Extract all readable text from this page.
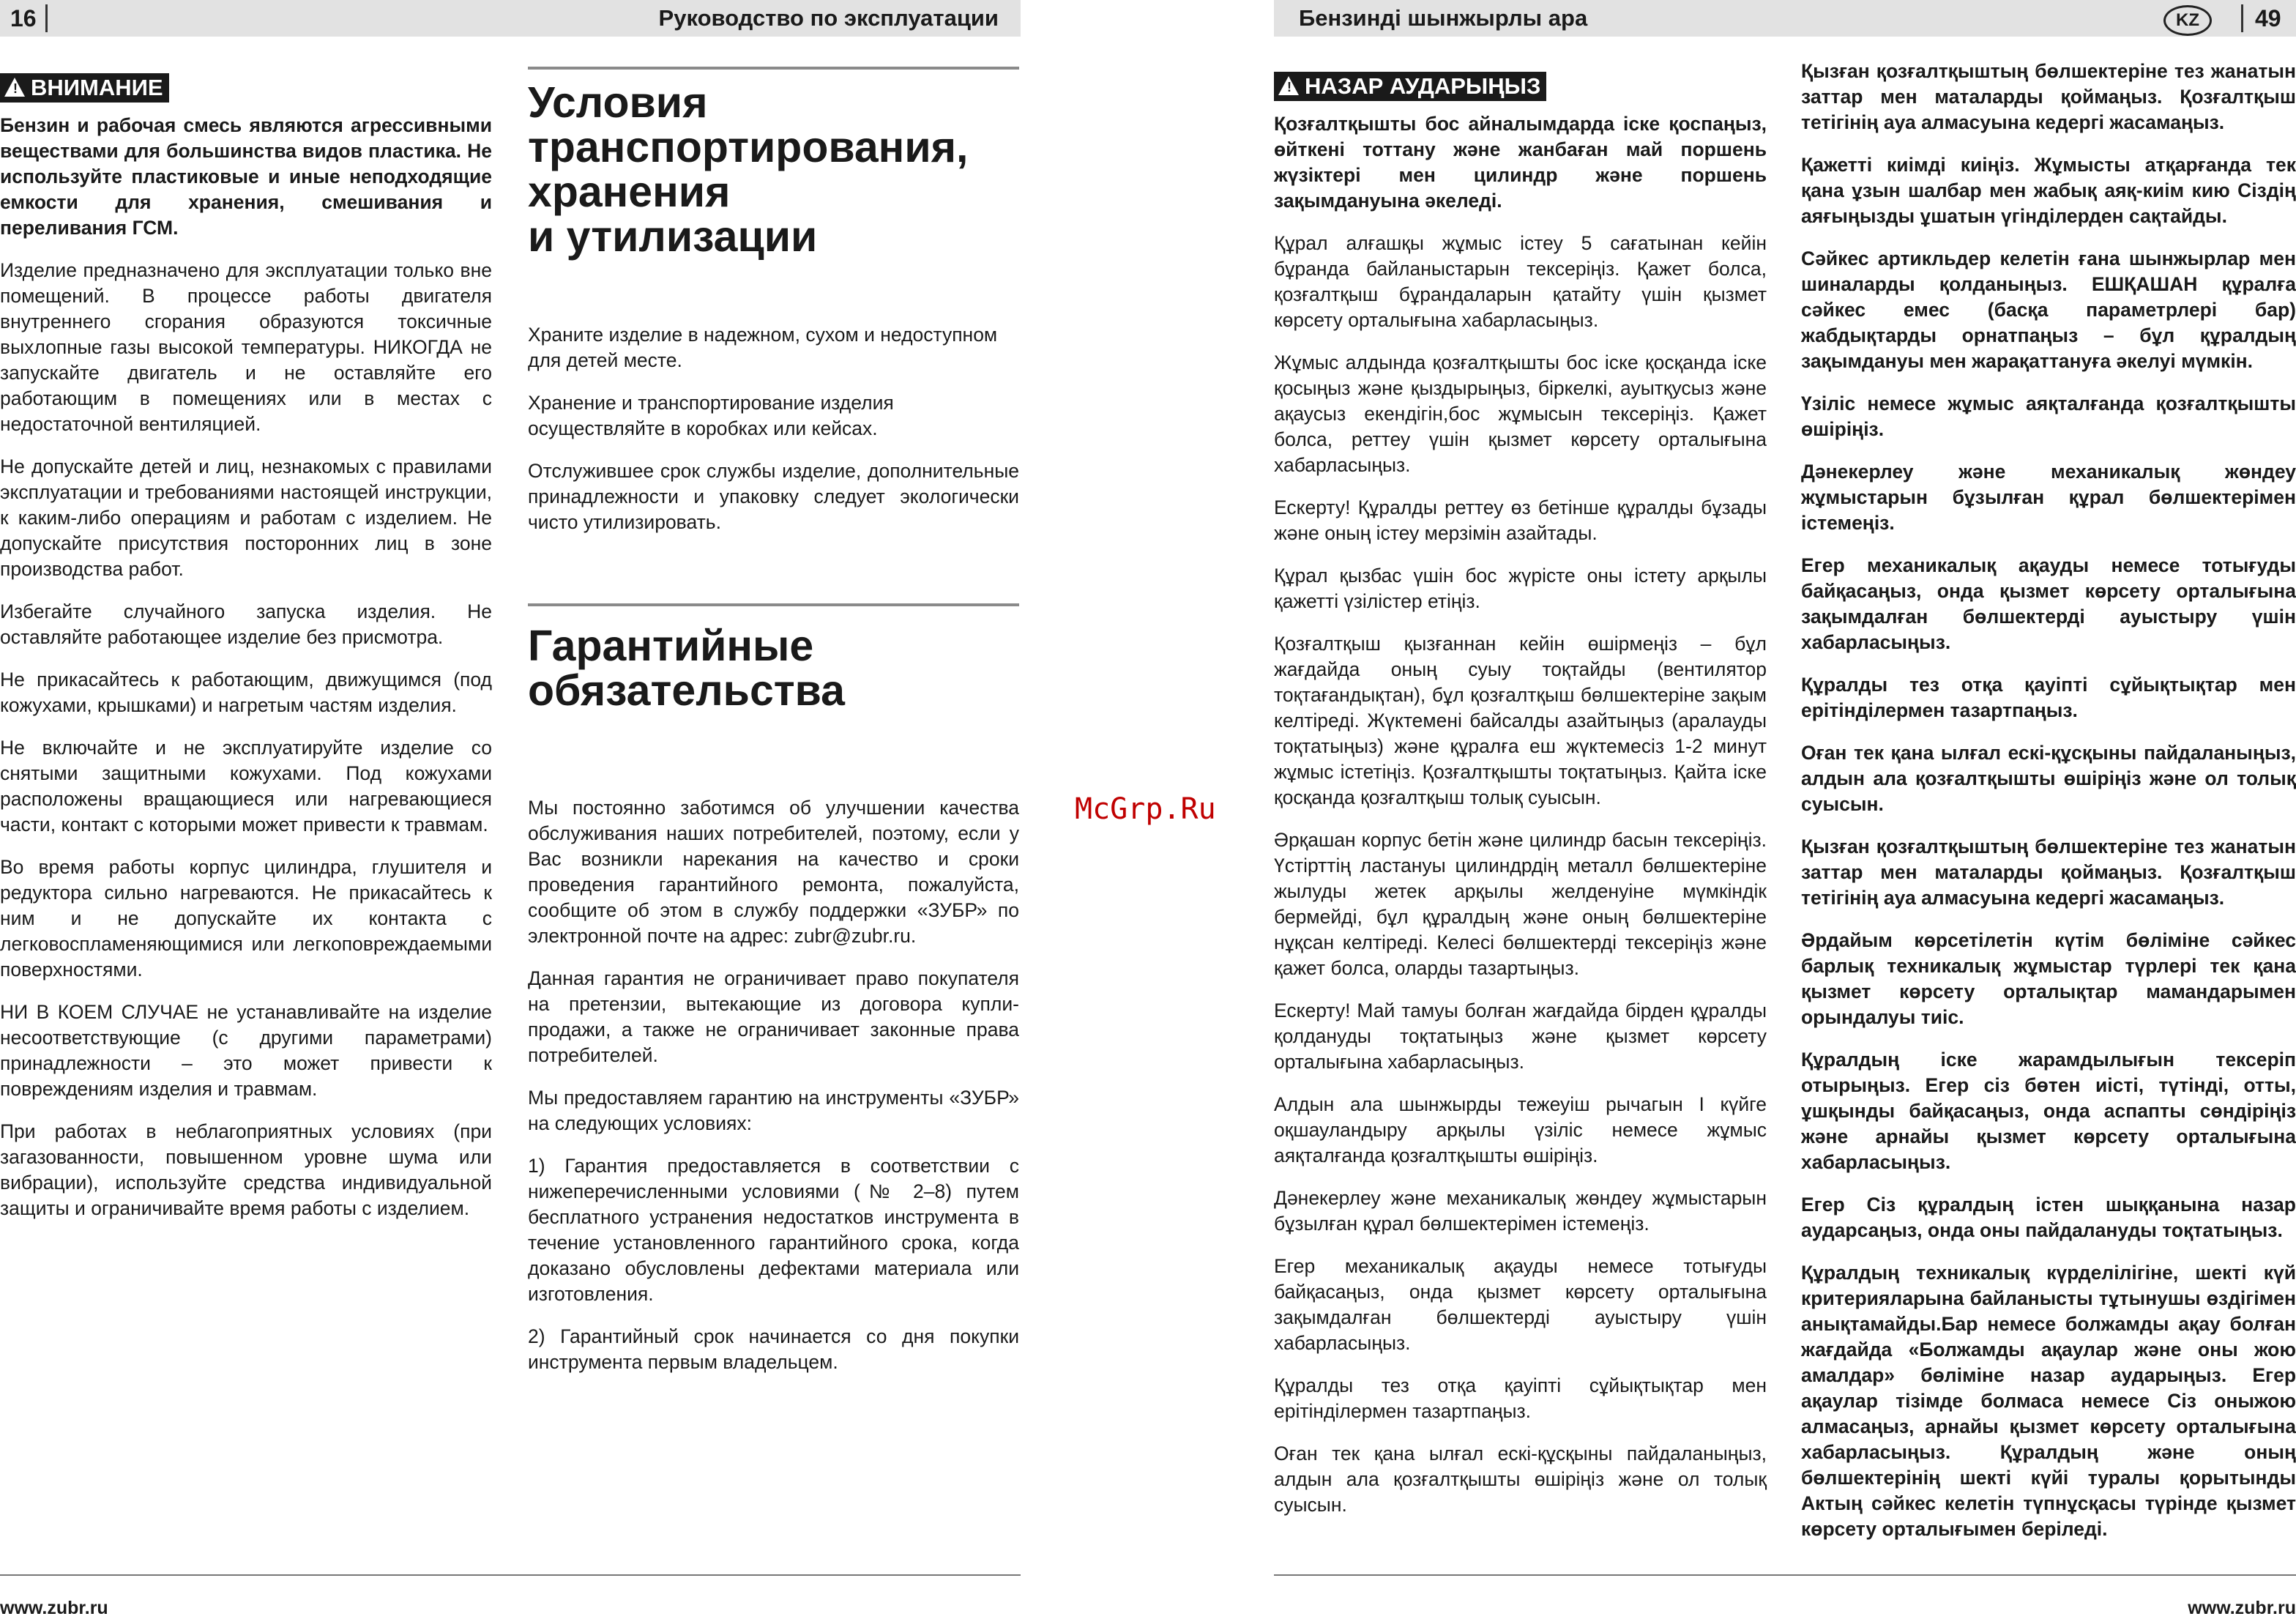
16	Руководство по эксплуатации
! ВНИМАНИЕ

Бензин и рабочая смесь являются агрессивными веществами для большинства видов пластика. Не используйте пластиковые и иные неподходящие емкости для хранения, смешивания и переливания ГСМ.

Изделие предназначено для эксплуатации только вне помещений. В процессе работы двигателя внутреннего сгорания образуются токсичные выхлопные газы высокой температуры. НИКОГДА не запускайте двигатель и не оставляйте его работающим в помещениях или в местах с недостаточной вентиляцией.

Не допускайте детей и лиц, незнакомых с правилами эксплуатации и требованиями настоящей инструкции, к каким-либо операциям и работам с изделием. Не допускайте присутствия посторонних лиц в зоне производства работ.

Избегайте случайного запуска изделия. Не оставляйте работающее изделие без присмотра.

Не прикасайтесь к работающим, движущимся (под кожухами, крышками) и нагретым частям изделия.

Не включайте и не эксплуатируйте изделие со снятыми защитными кожухами. Под кожухами расположены вращающиеся или нагревающиеся части, контакт с которыми может привести к травмам.

Во время работы корпус цилиндра, глушителя и редуктора сильно нагреваются. Не прикасайтесь к ним и не допускайте их контакта с легковоспламеняющимися или легкоповреждаемыми поверхностями.

НИ В КОЕМ СЛУЧАЕ не устанавливайте на изделие несоответствующие (с другими параметрами) принадлежности – это может привести к повреждениям изделия и травмам.

При работах в неблагоприятных условиях (при загазованности, повышенном уровне шума или вибрации), используйте средства индивидуальной защиты и ограничивайте время работы с изделием.

Условия
транспортирования,
хранения
и утилизации

Храните изделие в надежном, сухом и недоступном для детей месте.

Хранение и транспортирование изделия осуществляйте в коробках или кейсах.

Отслужившее срок службы изделие, дополнительные принадлежности и упаковку следует экологически чисто утилизировать.

Гарантийные
обязательства

Мы постоянно заботимся об улучшении качества обслуживания наших потребителей, поэтому, если у Вас возникли нарекания на качество и сроки проведения гарантийного ремонта, пожалуйста, сообщите об этом в службу поддержки «ЗУБР» по электронной почте на адрес: zubr@zubr.ru.

Данная гарантия не ограничивает право покупателя на претензии, вытекающие из договора купли-продажи, а также не ограничивает законные права потребителей.

Мы предоставляем гарантию на инструменты «ЗУБР» на следующих условиях:

1) Гарантия предоставляется в соответствии с нижеперечисленными условиями (№ 2–8) путем бесплатного устранения недостатков инструмента в течение установленного гарантийного срока, когда доказано обусловлены дефектами материала или изготовления.

2) Гарантийный срок начинается со дня покупки инструмента первым владельцем.

www.zubr.ru
McGrp.Ru
Бензинді шынжырлы ара	KZ	49
! НАЗАР АУДАРЫҢЫЗ

Қозғалтқышты бос айналымдарда іске қоспаңыз, өйткені тоттану және жанбаған май поршень жүзіктері мен цилиндр және поршень зақымдануына әкеледі.

Құрал алғашқы жұмыс істеу 5 сағатынан кейін бұранда байланыстарын тексеріңіз. Қажет болса, қозғалтқыш бұрандаларын қатайту үшін қызмет көрсету орталығына хабарласыңыз.

Жұмыс алдында қозғалтқышты бос іске қосқанда іске қосыңыз және қыздырыңыз, біркелкі, ауытқусыз және ақаусыз екендігін,бос жұмысын тексеріңіз. Қажет болса, реттеу үшін қызмет көрсету орталығына хабарласыңыз.

Ескерту! Құралды реттеу өз бетінше құралды бұзады және оның істеу мерзімін азайтады.

Құрал қызбас үшін бос жүрісте оны істету арқылы қажетті үзілістер етіңіз.

Қозғалтқыш қызғаннан кейін өшірмеңіз – бұл жағдайда оның суыу тоқтайды (вентилятор тоқтағандықтан), бұл қозғалтқыш бөлшектеріне зақым келтіреді. Жүктемені байсалды азайтыңыз (аралауды тоқтатыңыз) және құралға еш жүктемесіз 1-2 минут жұмыс істетіңіз. Қозғалтқышты тоқтатыңыз. Қайта іске қосқанда қозғалтқыш толық суысын.

Әрқашан корпус бетін және цилиндр басын тексеріңіз. Үстірттің ластануы цилиндрдің металл бөлшектеріне жылуды жетек арқылы желденуіне мүмкіндік бермейді, бұл құралдың және оның бөлшектеріне нұқсан келтіреді. Келесі бөлшектерді тексеріңіз және қажет болса, оларды тазартыңыз.

Ескерту! Май тамуы болған жағдайда бірден құралды қолдануды тоқтатыңыз және қызмет көрсету орталығына хабарласыңыз.

Алдын ала шынжырды тежеуіш рычагын I күйге оқшауландыру арқылы үзіліс немесе жұмыс аяқталғанда қозғалтқышты өшіріңіз.

Дәнекерлеу және механикалық жөндеу жұмыстарын бұзылған құрал бөлшектерімен істемеңіз.

Егер механикалық ақауды немесе тотығуды байқасаңыз, онда қызмет көрсету орталығына зақымдалған бөлшектерді ауыстыру үшін хабарласыңыз.

Құралды тез отқа қауіпті сұйықтықтар мен ерітінділермен тазартпаңыз.

Оған тек қана ылғал ескі-құсқыны пайдаланыңыз, алдын ала қозғалтқышты өшіріңіз және ол толық суысын.

Қызған қозғалтқыштың бөлшектеріне тез жанатын заттар мен маталарды қоймаңыз. Қозғалтқыш тетігінің ауа алмасуына кедергі жасамаңыз.

Қажетті киімді киіңіз. Жұмысты атқарғанда тек қана ұзын шалбар мен жабық аяқ-киім кию Сіздің аяғыңызды ұшатын үгінділерден сақтайды.

Сәйкес артикльдер келетін ғана шынжырлар мен шиналарды қолданыңыз. ЕШҚАШАН құралға сәйкес емес (басқа параметрлері бар) жабдықтарды орнатпаңыз – бұл құралдың зақымдануы мен жарақаттануға әкелуі мүмкін.

Үзіліс немесе жұмыс аяқталғанда қозғалтқышты өшіріңіз.

Дәнекерлеу және механикалық жөндеу жұмыстарын бұзылған құрал бөлшектерімен істемеңіз.

Егер механикалық ақауды немесе тотығуды байқасаңыз, онда қызмет көрсету орталығына зақымдалған бөлшектерді ауыстыру үшін хабарласыңыз.

Құралды тез отқа қауіпті сұйықтықтар мен ерітінділермен тазартпаңыз.

Оған тек қана ылғал ескі-құсқыны пайдаланыңыз, алдын ала қозғалтқышты өшіріңіз және ол толық суысын.

Қызған қозғалтқыштың бөлшектеріне тез жанатын заттар мен маталарды қоймаңыз. Қозғалтқыш тетігінің ауа алмасуына кедергі жасамаңыз.

Әрдайым көрсетілетін күтім бөліміне сәйкес барлық техникалық жұмыстар түрлері тек қана қызмет көрсету орталықтар мамандарымен орындалуы тиіс.

Құралдың іске жарамдылығын тексеріп отырыңыз. Егер сіз бөтен иісті, түтінді, отты, ұшқынды байқасаңыз, онда аспапты сөндіріңіз және арнайы қызмет көрсету орталығына хабарласыңыз.

Егер Сіз құралдың істен шыққанына назар аударсаңыз, онда оны пайдалануды тоқтатыңыз.

Құралдың техникалық күрделілігіне, шекті күй критерияларына байланысты тұтынушы өздігімен анықтамайды.Бар немесе болжамды ақау болған жағдайда «Болжамды ақаулар және оны жою амалдар» бөліміне назар аударыңыз. Егер ақаулар тізімде болмаса немесе Сіз оныжою алмасаңыз, арнайы қызмет көрсету орталығына хабарласыңыз. Құралдың және оның бөлшектерінің шекті күйі туралы қорытынды Актың сәйкес келетін түпнұсқасы түрінде қызмет көрсету орталығымен беріледі.

www.zubr.ru
